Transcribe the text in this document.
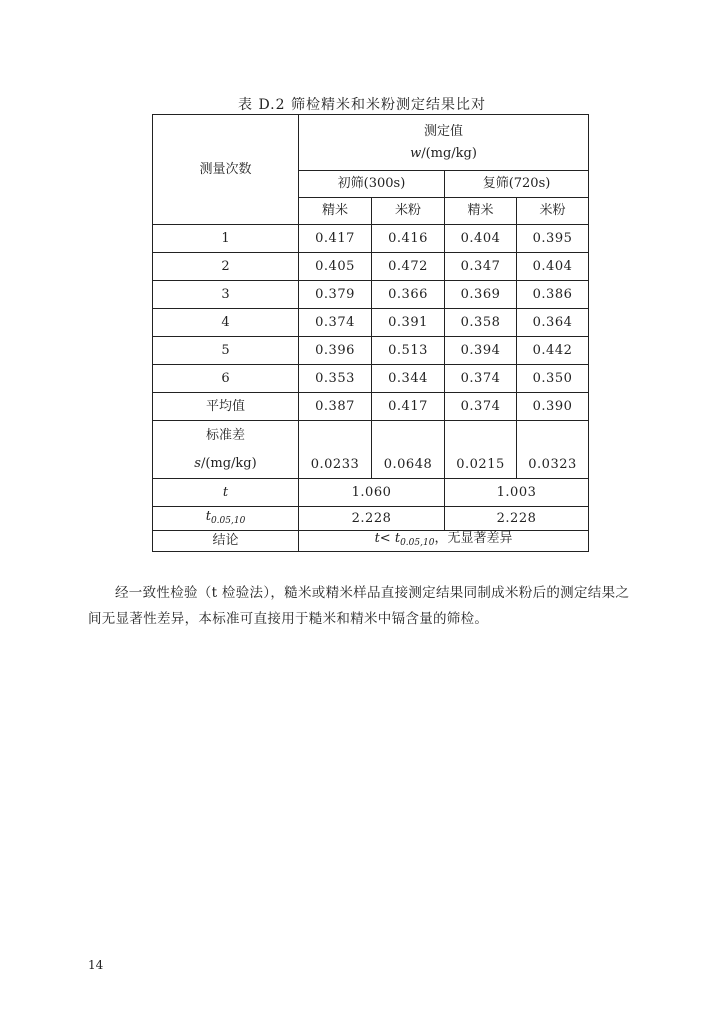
表 D.2 筛检精米和米粉测定结果比对
测量次数	测定值
w/(mg/kg)			

	初筛(300s)		复筛(720s)	
	精米	米粉	精米	米粉
1	0.417	0.416	0.404	0.395
2	0.405	0.472	0.347	0.404
3	0.379	0.366	0.369	0.386
4	0.374	0.391	0.358	0.364
5	0.396	0.513	0.394	0.442
6	0.353	0.344	0.374	0.350
平均值	0.387	0.417	0.374	0.390

标准差
s/(mg/kg)	0.0233	0.0648	0.0215	0.0323
t	1.060		1.003	
$t_{0.05,10}$	2.228		2.228	
结论	$t< t_{0.05,10}$，无显著差异			
经一致性检验（t 检验法），糙米或精米样品直接测定结果同制成米粉后的测定结果之间无显著性差异，本标准可直接用于糙米和精米中镉含量的筛检。
14
